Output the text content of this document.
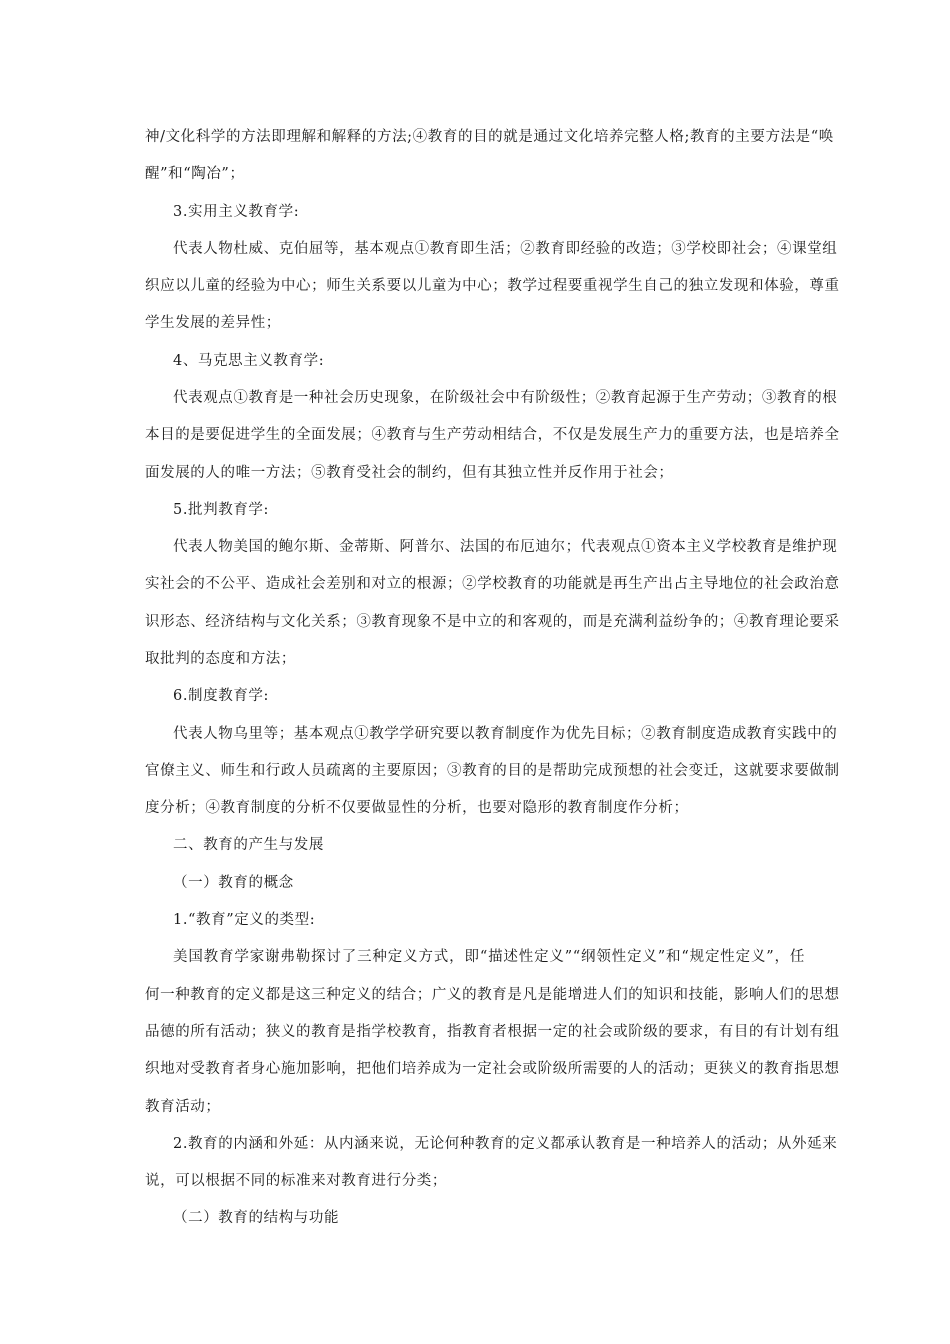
神/文化科学的方法即理解和解释的方法;④教育的目的就是通过文化培养完整人格;教育的主要方法是“唤
醒”和“陶冶”；
3.实用主义教育学:
代表人物杜威、克伯屈等，基本观点①教育即生活；②教育即经验的改造；③学校即社会；④课堂组
织应以儿童的经验为中心；师生关系要以儿童为中心；教学过程要重视学生自己的独立发现和体验，尊重
学生发展的差异性；
4、马克思主义教育学:
代表观点①教育是一种社会历史现象，在阶级社会中有阶级性；②教育起源于生产劳动；③教育的根
本目的是要促进学生的全面发展；④教育与生产劳动相结合，不仅是发展生产力的重要方法，也是培养全
面发展的人的唯一方法；⑤教育受社会的制约，但有其独立性并反作用于社会；
5.批判教育学:
代表人物美国的鲍尔斯、金蒂斯、阿普尔、法国的布厄迪尔；代表观点①资本主义学校教育是维护现
实社会的不公平、造成社会差别和对立的根源；②学校教育的功能就是再生产出占主导地位的社会政治意
识形态、经济结构与文化关系；③教育现象不是中立的和客观的，而是充满利益纷争的；④教育理论要采
取批判的态度和方法；
6.制度教育学:
代表人物乌里等；基本观点①教学学研究要以教育制度作为优先目标；②教育制度造成教育实践中的
官僚主义、师生和行政人员疏离的主要原因；③教育的目的是帮助完成预想的社会变迁，这就要求要做制
度分析；④教育制度的分析不仅要做显性的分析，也要对隐形的教育制度作分析；
二、教育的产生与发展
（一）教育的概念
1.“教育”定义的类型:
美国教育学家谢弗勒探讨了三种定义方式，即“描述性定义”“纲领性定义”和“规定性定义”，任
何一种教育的定义都是这三种定义的结合；广义的教育是凡是能增进人们的知识和技能，影响人们的思想
品德的所有活动；狭义的教育是指学校教育，指教育者根据一定的社会或阶级的要求，有目的有计划有组
织地对受教育者身心施加影响，把他们培养成为一定社会或阶级所需要的人的活动；更狭义的教育指思想
教育活动；
2.教育的内涵和外延：从内涵来说，无论何种教育的定义都承认教育是一种培养人的活动；从外延来
说，可以根据不同的标准来对教育进行分类；
（二）教育的结构与功能
